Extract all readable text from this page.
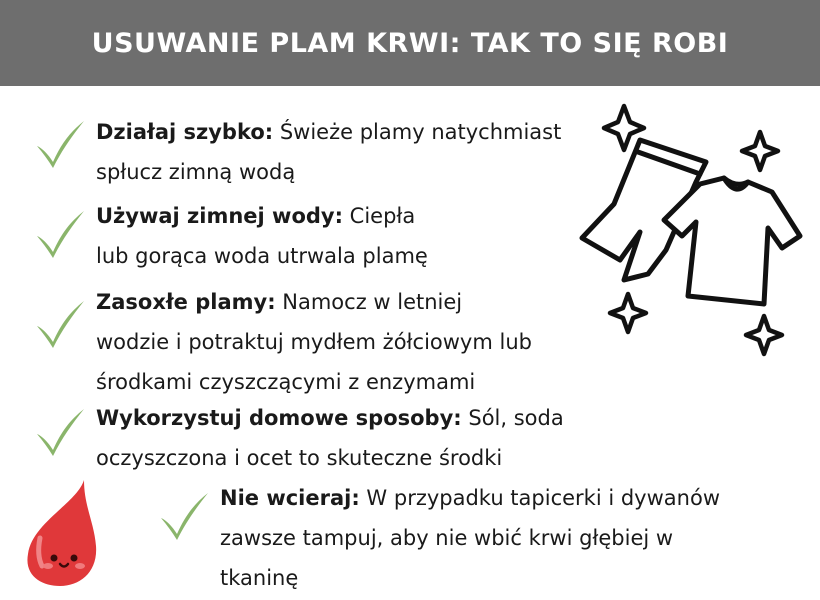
USUWANIE PLAM KRWI: TAK TO SIĘ ROBI

Działaj szybko: Świeże plamy natychmiast
spłucz zimną wodą

Używaj zimnej wody: Ciepła
lub gorąca woda utrwala plamę

Zasoxłe plamy: Namocz w letniej
wodzie i potraktuj mydłem żółciowym lub
środkami czyszczącymi z enzymami

Wykorzystuj domowe sposoby: Sól, soda
oczyszczona i ocet to skuteczne środki

Nie wcieraj: W przypadku tapicerki i dywanów
zawsze tampuj, aby nie wbić krwi głębiej w
tkaninę
